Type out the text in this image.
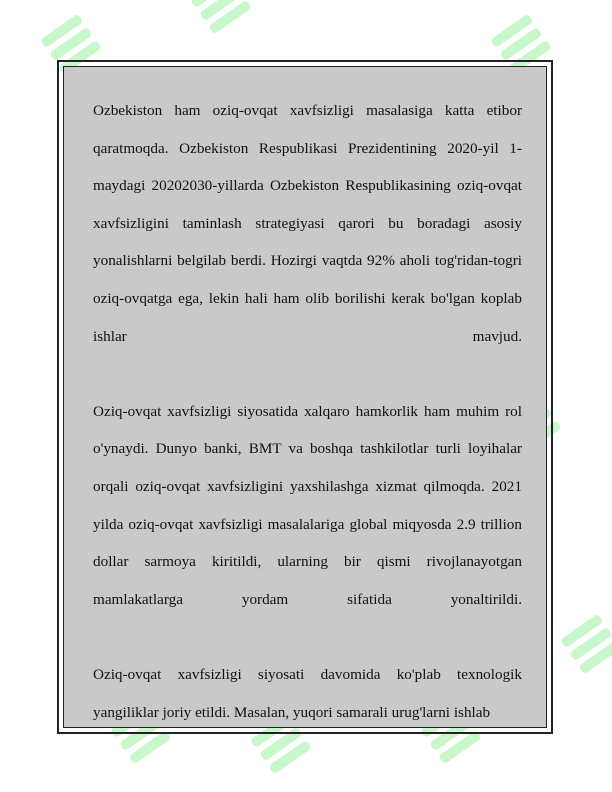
Ozbekiston ham oziq-ovqat xavfsizligi masalasiga katta etibor qaratmoqda. Ozbekiston Respublikasi Prezidentining 2020-yil 1-maydagi 20202030-yillarda Ozbekiston Respublikasining oziq-ovqat xavfsizligini taminlash strategiyasi qarori bu boradagi asosiy yonalishlarni belgilab berdi. Hozirgi vaqtda 92% aholi tog'ridan-togri oziq-ovqatga ega, lekin hali ham olib borilishi kerak bo'lgan koplab ishlar mavjud.

Oziq-ovqat xavfsizligi siyosatida xalqaro hamkorlik ham muhim rol o'ynaydi. Dunyo banki, BMT va boshqa tashkilotlar turli loyihalar orqali oziq-ovqat xavfsizligini yaxshilashga xizmat qilmoqda. 2021 yilda oziq-ovqat xavfsizligi masalalariga global miqyosda 2.9 trillion dollar sarmoya kiritildi, ularning bir qismi rivojlanayotgan mamlakatlarga yordam sifatida yonaltirildi.

Oziq-ovqat xavfsizligi siyosati davomida ko'plab texnologik yangiliklar joriy etildi. Masalan, yuqori samarali urug'larni ishlab
